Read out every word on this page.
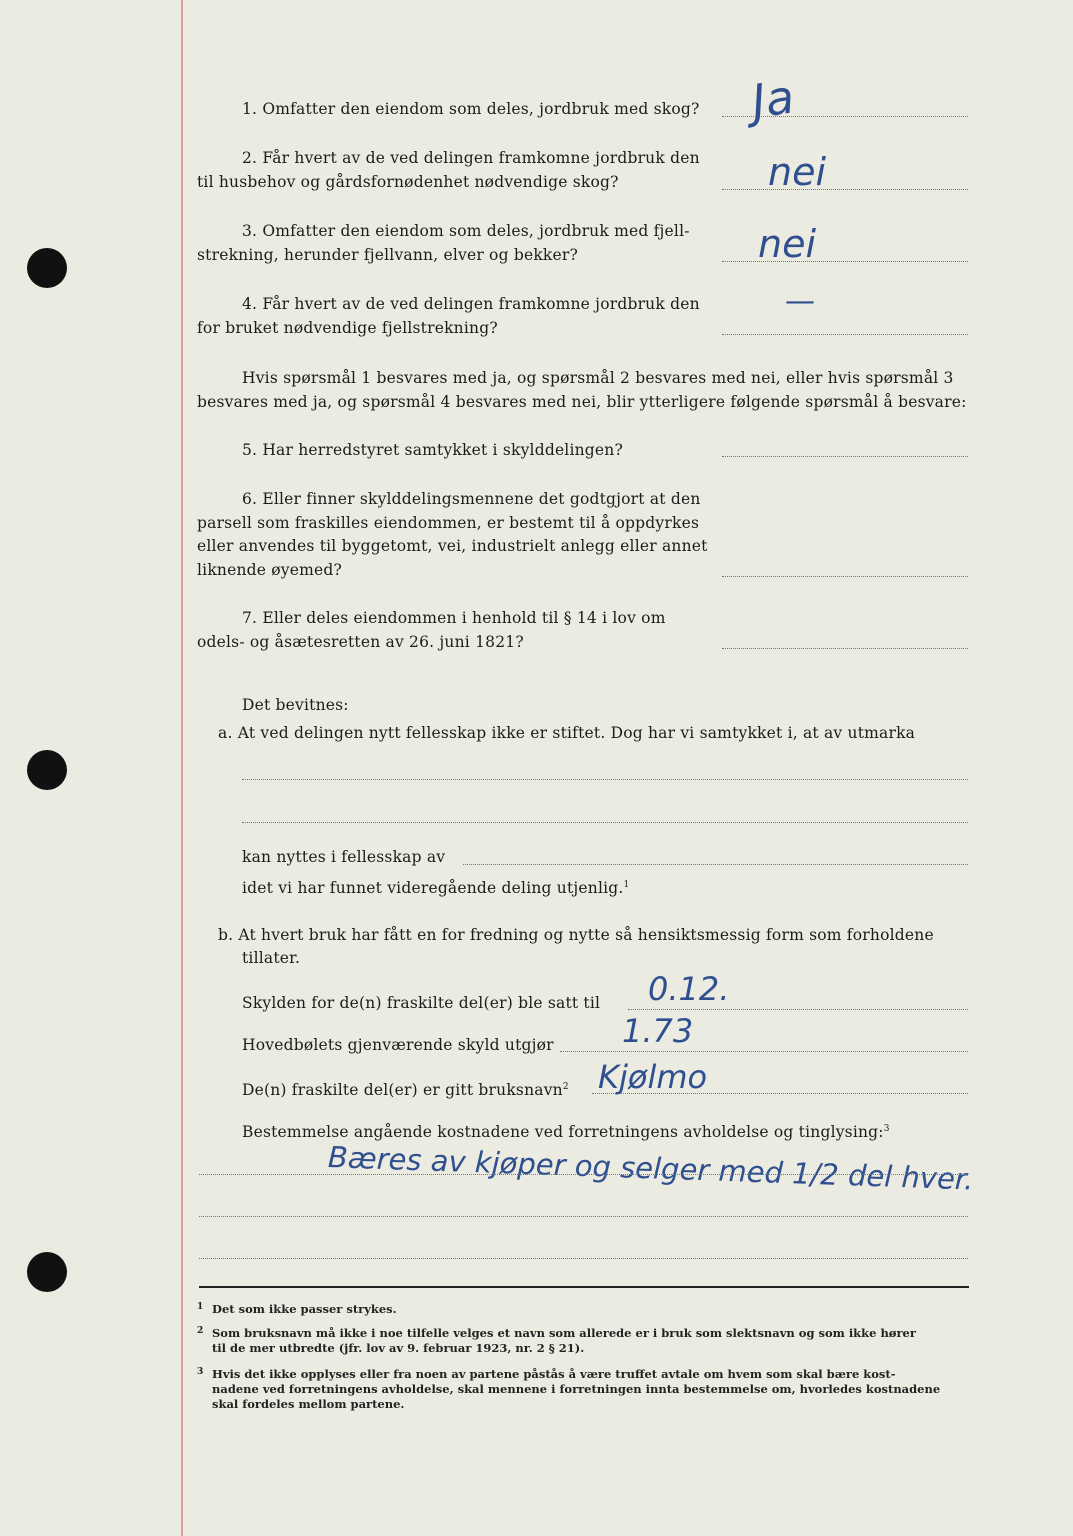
1. Omfatter den eiendom som deles, jordbruk med skog? Ja
2. Får hvert av de ved delingen framkomne jordbruk den
til husbehov og gårdsfornødenhet nødvendige skog?	nei
3. Omfatter den eiendom som deles, jordbruk med fjell-
strekning, herunder fjellvann, elver og bekker?	nei
4. Får hvert av de ved delingen framkomne jordbruk den
for bruket nødvendige fjellstrekning?
—
Hvis spørsmål 1 besvares med ja, og spørsmål 2 besvares med nei, eller hvis spørsmål 3
besvares med ja, og spørsmål 4 besvares med nei, blir ytterligere følgende spørsmål å besvare:
5. Har herredstyret samtykket i skylddelingen?
6. Eller finner skylddelingsmennene det godtgjort at den
parsell som fraskilles eiendommen, er bestemt til å oppdyrkes
eller anvendes til byggetomt, vei, industrielt anlegg eller annet
liknende øyemed?
7. Eller deles eiendommen i henhold til § 14 i lov om
odels- og åsætesretten av 26. juni 1821?
Det bevitnes:
a. At ved delingen nytt fellesskap ikke er stiftet. Dog har vi samtykket i, at av utmarka
kan nyttes i fellesskap av
idet vi har funnet videregående deling utjenlig.$^1$
b. At hvert bruk har fått en for fredning og nytte så hensiktsmessig form som forholdene
tillater.
Skylden for de(n) fraskilte del(er) ble satt til 0.12.
Hovedbølets gjenværende skyld utgjør 1.73
De(n) fraskilte del(er) er gitt bruksnavn$^2$ Kjølmo
Bestemmelse angående kostnadene ved forretningens avholdelse og tinglysing:$^3$
Bæres av kjøper og selger med 1/2 del hver.
1 Det som ikke passer strykes.
2 Som bruksnavn må ikke i noe tilfelle velges et navn som allerede er i bruk som slektsnavn og som ikke hører
til de mer utbredte (jfr. lov av 9. februar 1923, nr. 2 § 21).
3 Hvis det ikke opplyses eller fra noen av partene påstås å være truffet avtale om hvem som skal bære kost-
nadene ved forretningens avholdelse, skal mennene i forretningen innta bestemmelse om, hvorledes kostnadene
skal fordeles mellom partene.
